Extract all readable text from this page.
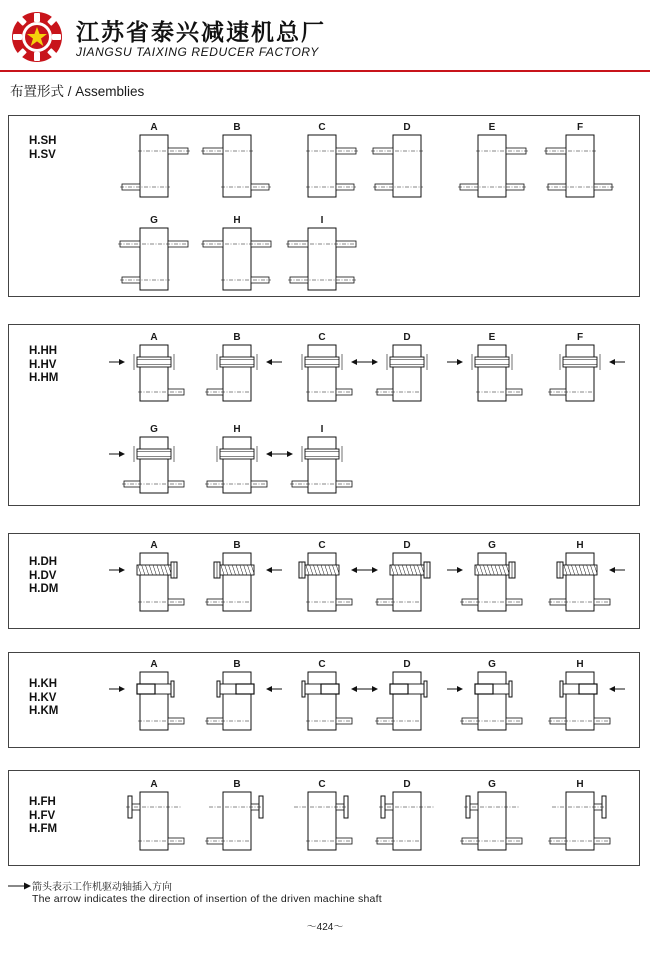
江苏省泰兴减速机总厂
JIANGSU TAIXING REDUCER FACTORY
布置形式 / Assemblies
H.SH
H.SV
A	B	C	D	E	F
G	H	I
H.HH
H.HV
H.HM
A	B	C	D	E	F
G	H	I
H.DH
H.DV
H.DM
A	B	C	D	G	H
H.KH
H.KV
H.KM
A	B	C	D	G	H
H.FH
H.FV
H.FM
A	B	C	D	G	H
箭头表示工作机驱动轴插入方向
The arrow indicates the direction of insertion of the driven machine shaft
～424～
